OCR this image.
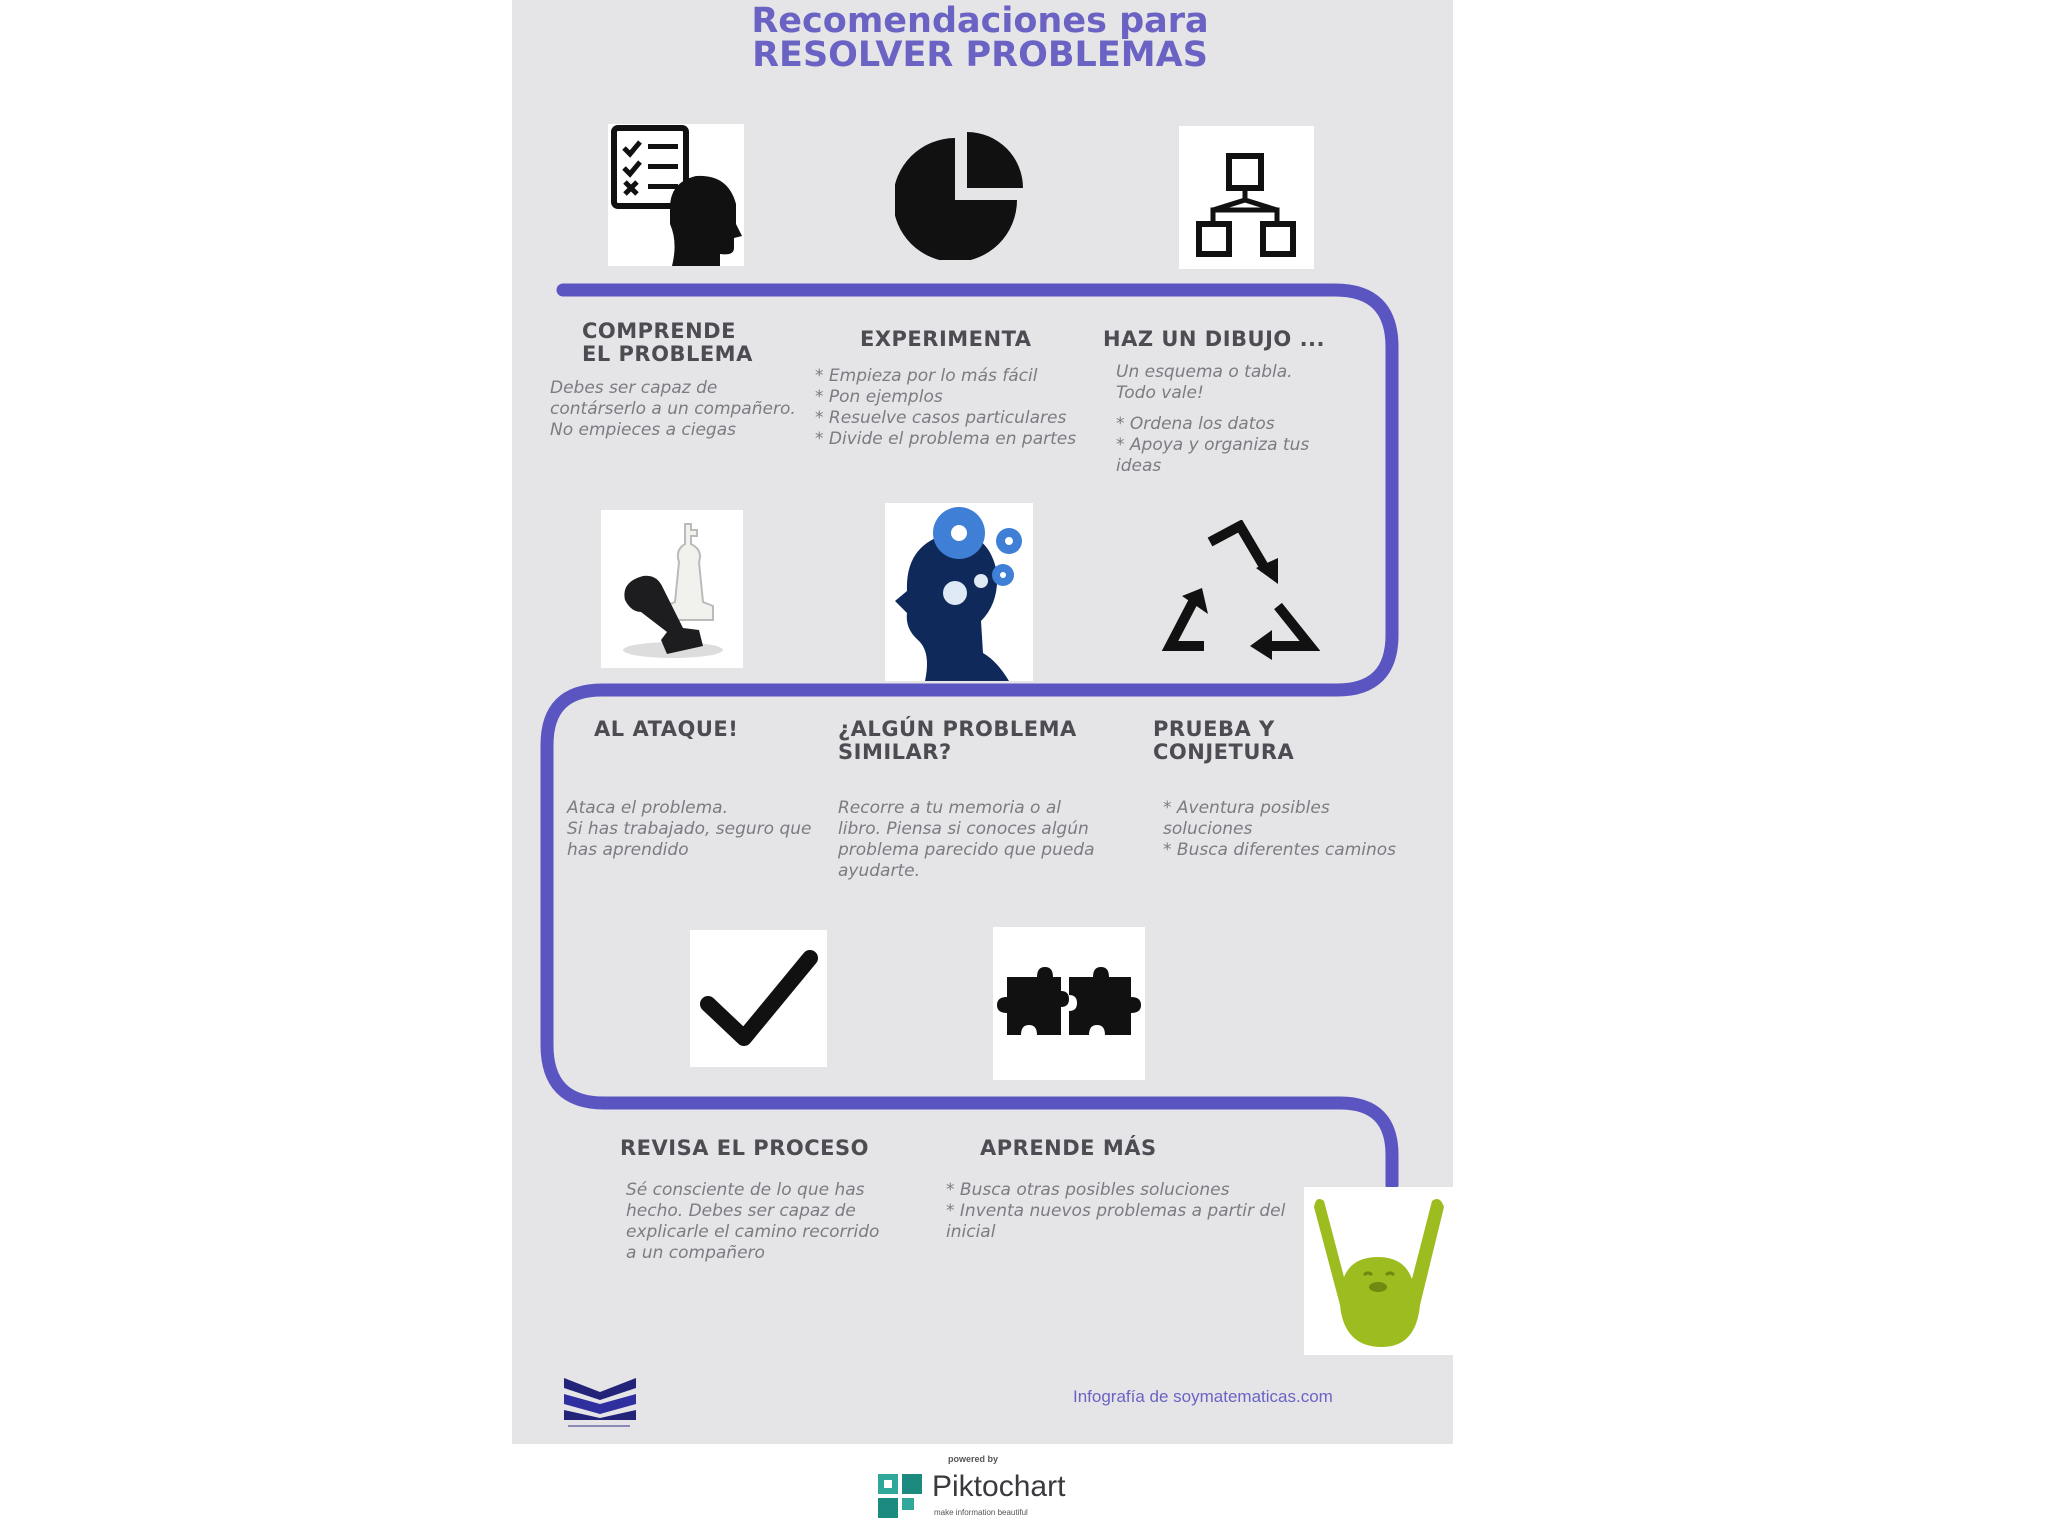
Recomendaciones para
RESOLVER PROBLEMAS
COMPRENDE
EL PROBLEMA
Debes ser capaz de
contárserlo a un compañero.
No empieces a ciegas
EXPERIMENTA
* Empieza por lo más fácil
* Pon ejemplos
* Resuelve casos particulares
* Divide el problema en partes
HAZ UN DIBUJO ...
Un esquema o tabla.
Todo vale!
* Ordena los datos
* Apoya y organiza tus
ideas
AL ATAQUE!
Ataca el problema.
Si has trabajado, seguro que
has aprendido
¿ALGÚN PROBLEMA
SIMILAR?
Recorre a tu memoria o al
libro. Piensa si conoces algún
problema parecido que pueda
ayudarte.
PRUEBA Y
CONJETURA
* Aventura posibles
soluciones
* Busca diferentes caminos
REVISA EL PROCESO
Sé consciente de lo que has
hecho. Debes ser capaz de
explicarle el camino recorrido
a un compañero
APRENDE MÁS
* Busca otras posibles soluciones
* Inventa nuevos problemas a partir del
inicial
Infografía de soymatematicas.com
powered by
Piktochart
make information beautiful
